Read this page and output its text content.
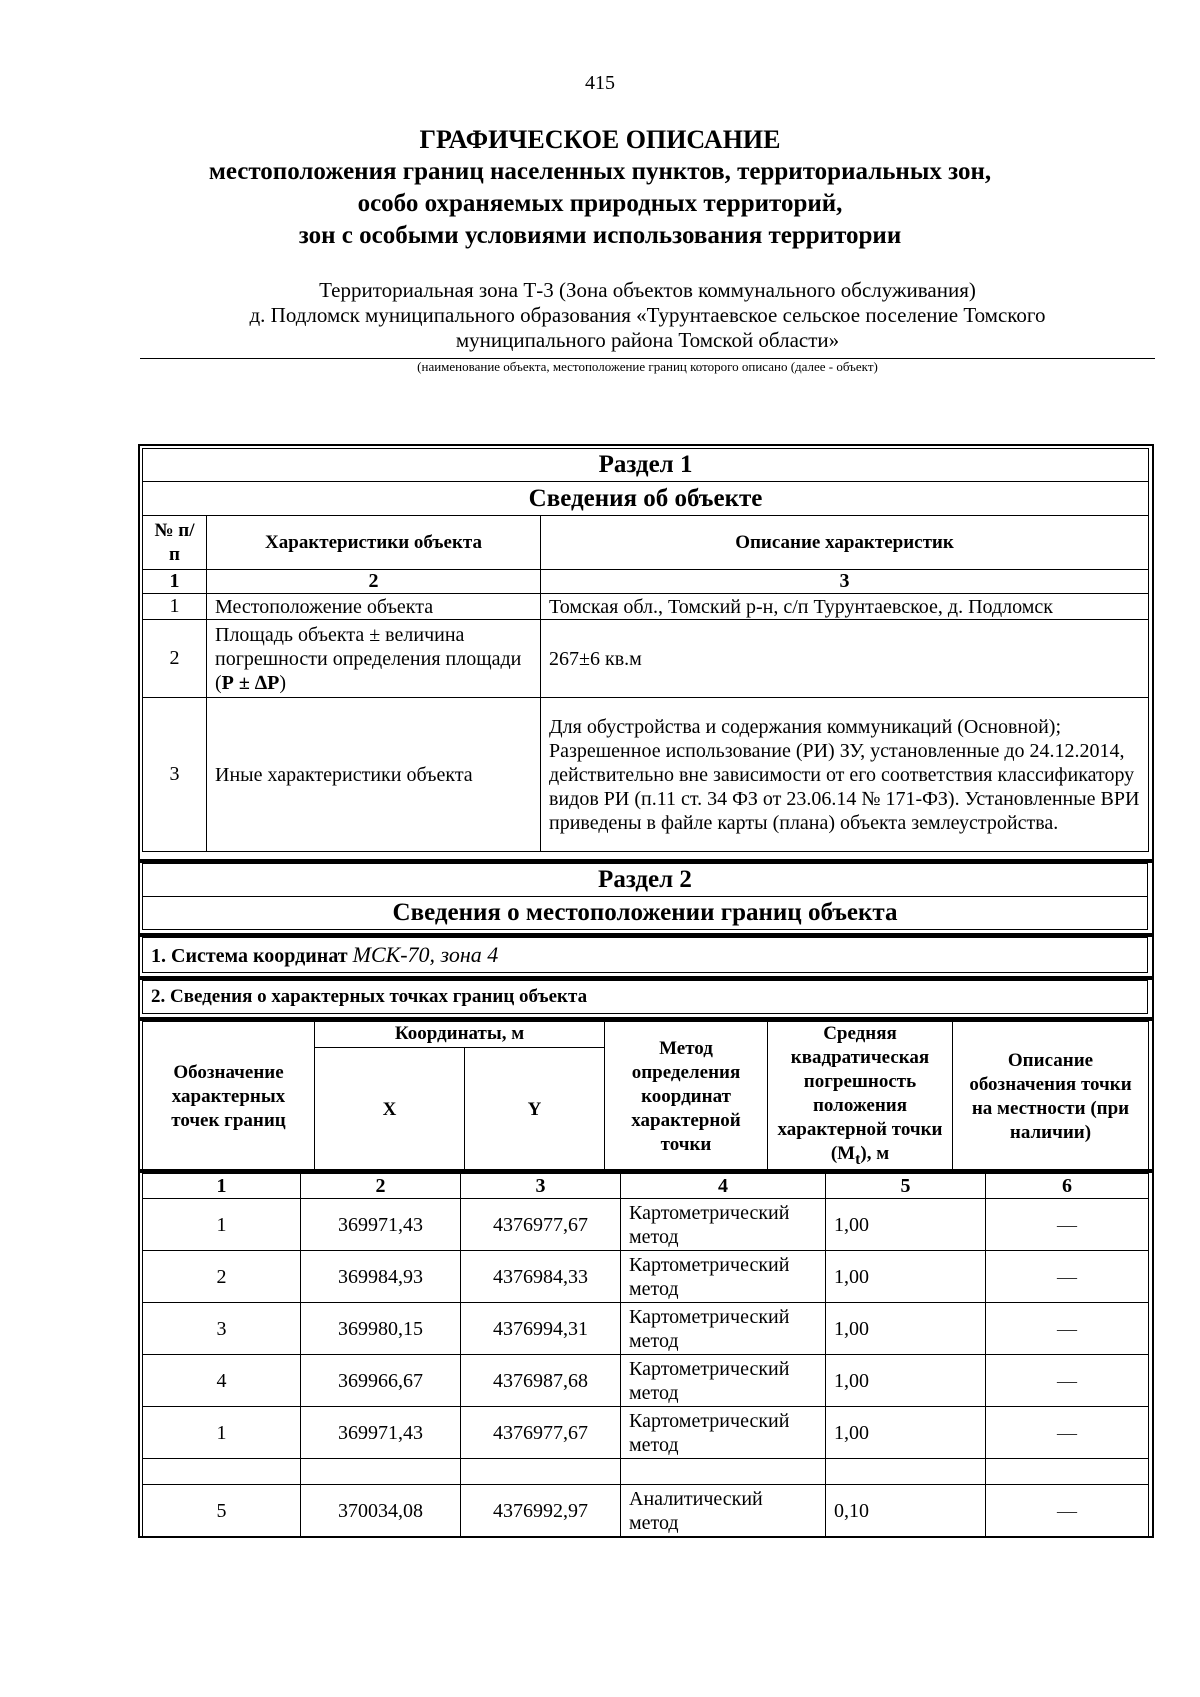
415
ГРАФИЧЕСКОЕ ОПИСАНИЕ
местоположения границ населенных пунктов, территориальных зон,
особо охраняемых природных территорий,
зон с особыми условиями использования территории
Территориальная зона Т-3 (Зона объектов коммунального обслуживания)
д. Подломск муниципального образования «Турунтаевское сельское поселение Томского
муниципального района Томской области»
(наименование объекта, местоположение границ которого описано (далее - объект)
Раздел 1		
Сведения об объекте		
№ п/п	Характеристики объекта	Описание характеристик
1	2	3
1	Местоположение объекта	Томская обл., Томский р-н, с/п Турунтаевское, д. Подломск
2	Площадь объекта ± величина погрешности определения площади (Р ± ∆Р)	267±6 кв.м
3	Иные характеристики объекта	Для обустройства и содержания коммуникаций (Основной); Разрешенное использование (РИ) ЗУ, установленные до 24.12.2014, действительно вне зависимости от его соответствия классификатору видов РИ (п.11 ст. 34 ФЗ от 23.06.14 № 171-ФЗ). Установленные ВРИ приведены в файле карты (плана) объекта землеустройства.
Раздел 2
Сведения о местоположении границ объекта
1. Система координат МСК-70, зона 4
2. Сведения о характерных точках границ объекта
Обозначение характерных точек границ	Координаты, м		Метод определения координат характерной точки	Средняя квадратическая погрешность положения характерной точки $(М_t)$, м	Описание обозначения точки на местности (при наличии)
	X	Y			
1	2	3	4	5	6
1	369971,43	4376977,67	Картометрический метод	1,00	—
2	369984,93	4376984,33	Картометрический метод	1,00	—
3	369980,15	4376994,31	Картометрический метод	1,00	—
4	369966,67	4376987,68	Картометрический метод	1,00	—
1	369971,43	4376977,67	Картометрический метод	1,00	—

5	370034,08	4376992,97	Аналитический метод	0,10	—
